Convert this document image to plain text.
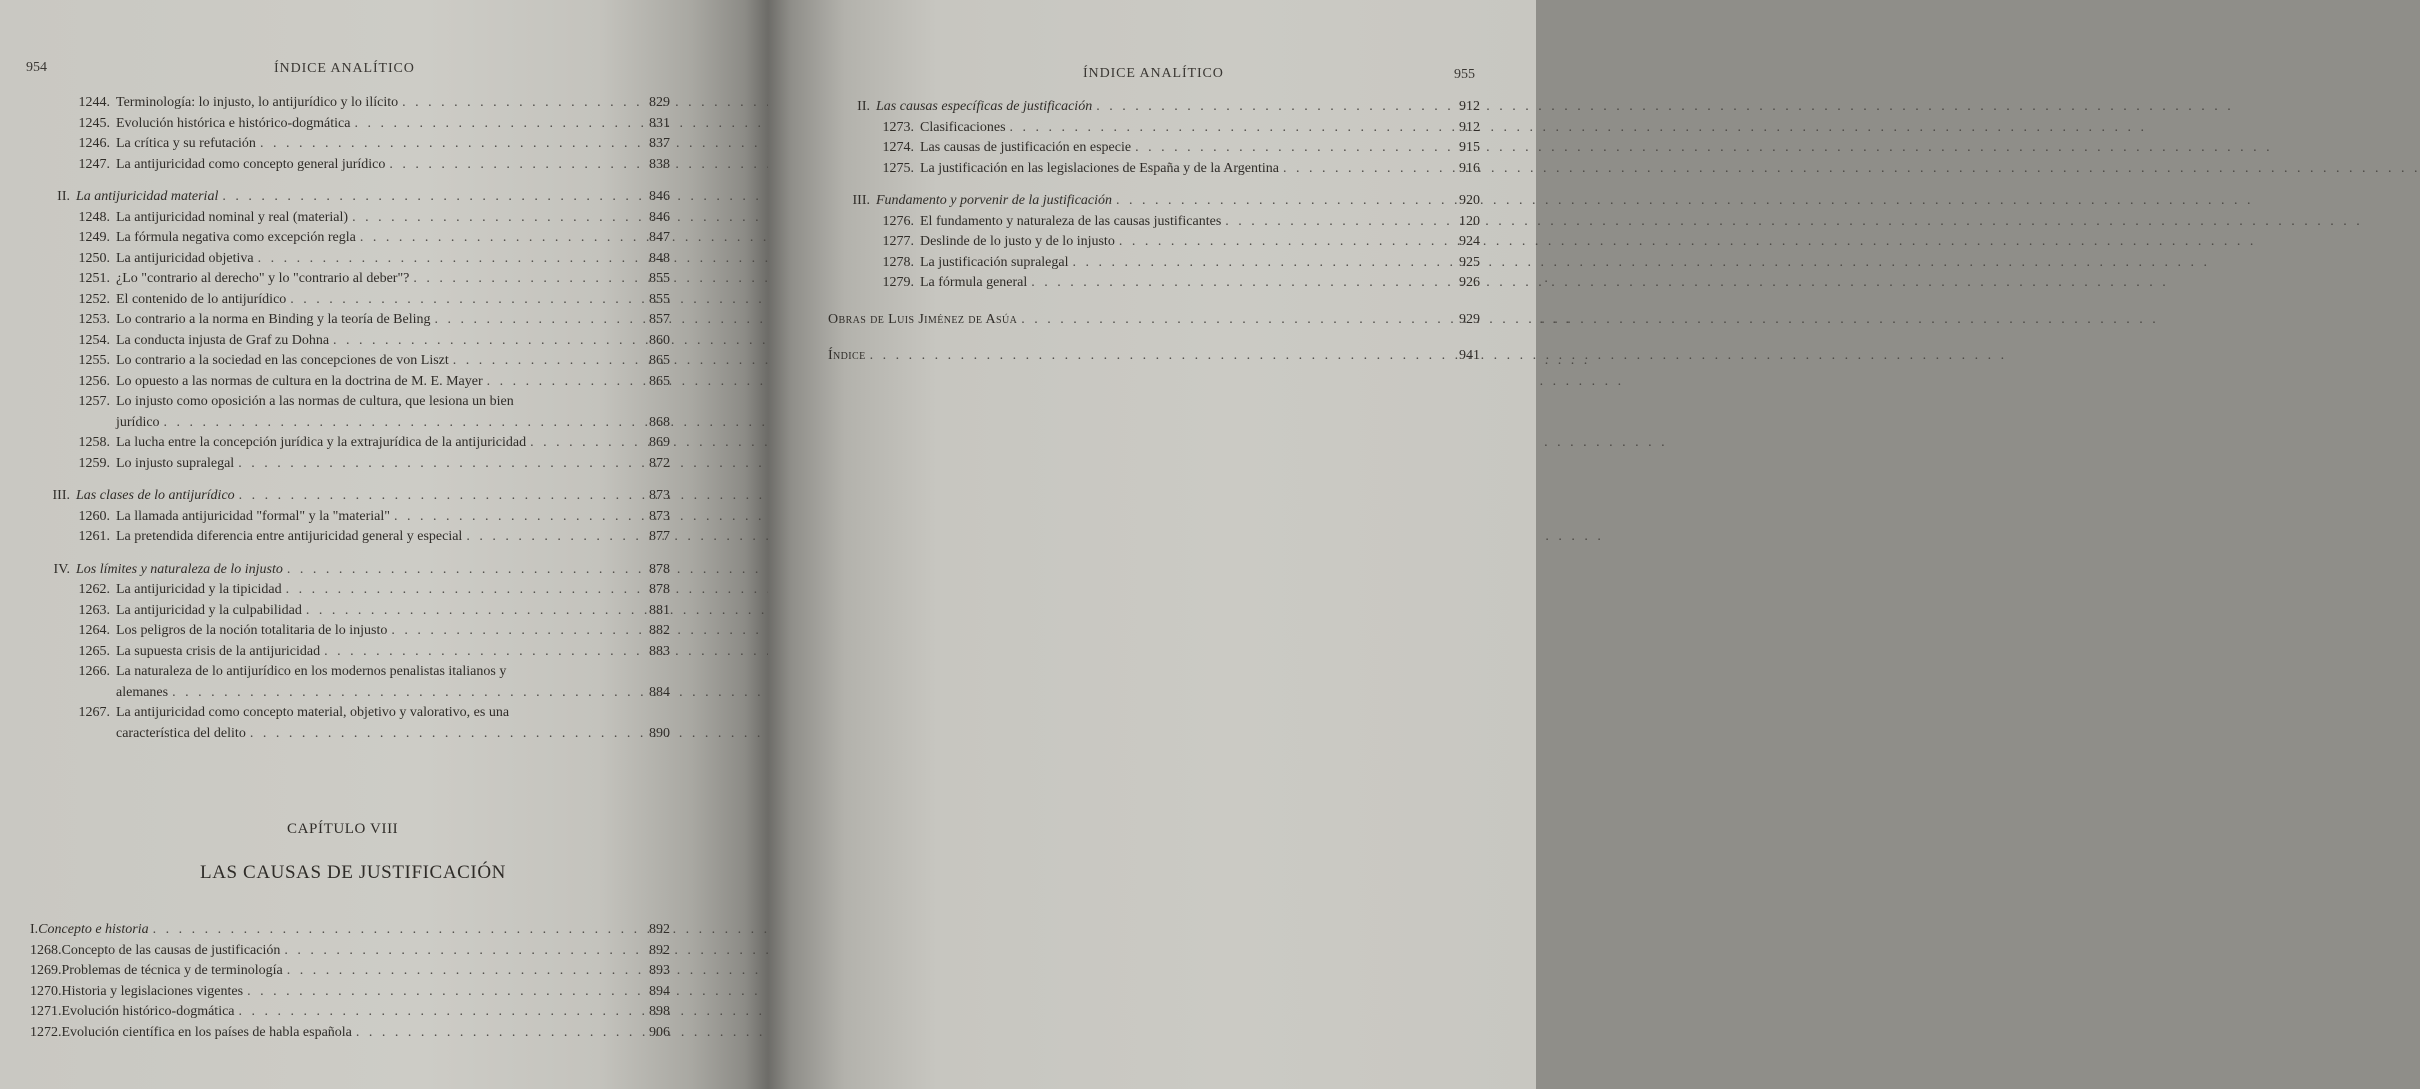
954	ÍNDICE ANALÍTICO
1244. Terminología: lo injusto, lo antijurídico y lo ilícito . . .	829
1245. Evolución histórica e histórico-dogmática . . .	831
1246. La crítica y su refutación . . .	837
1247. La antijuricidad como concepto general jurídico . . .	838
II. La antijuricidad material . . .	846
1248. La antijuricidad nominal y real (material) . . .	846
1249. La fórmula negativa como excepción regla . . .	847
1250. La antijuricidad objetiva . . .	848
1251. ¿Lo "contrario al derecho" y lo "contrario al deber"? . . .	855
1252. El contenido de lo antijurídico . . .	855
1253. Lo contrario a la norma en Binding y la teoría de Beling . . .	857
1254. La conducta injusta de Graf zu Dohna . . .	860
1255. Lo contrario a la sociedad en las concepciones de von Liszt . . .	865
1256. Lo opuesto a las normas de cultura en la doctrina de M. E. Mayer . . .	865
1257. Lo injusto como oposición a las normas de cultura, que lesiona un bien
jurídico . . .	868
1258. La lucha entre la concepción jurídica y la extrajurídica de la antijuricidad . . .	869
1259. Lo injusto supralegal . . .	872
III. Las clases de lo antijurídico . . .	873
1260. La llamada antijuricidad "formal" y la "material" . . .	873
1261. La pretendida diferencia entre antijuricidad general y especial . . .	877
IV. Los límites y naturaleza de lo injusto . . .	878
1262. La antijuricidad y la tipicidad . . .	878
1263. La antijuricidad y la culpabilidad . . .	881
1264. Los peligros de la noción totalitaria de lo injusto . . .	882
1265. La supuesta crisis de la antijuricidad . . .	883
1266. La naturaleza de lo antijurídico en los modernos penalistas italianos y
alemanes . . .	884
1267. La antijuricidad como concepto material, objetivo y valorativo, es una
característica del delito . . .	890
CAPÍTULO VIII
LAS CAUSAS DE JUSTIFICACIÓN
I. Concepto e historia . . .	892
1268. Concepto de las causas de justificación . . .	892
1269. Problemas de técnica y de terminología . . .	893
1270. Historia y legislaciones vigentes . . .	894
1271. Evolución histórico-dogmática . . .	898
1272. Evolución científica en los países de habla española . . .	906
ÍNDICE ANALÍTICO	955
II. Las causas específicas de justificación . . .	912
1273. Clasificaciones . . .	912
1274. Las causas de justificación en especie . . .	915
1275. La justificación en las legislaciones de España y de la Argentina . . .	916
III. Fundamento y porvenir de la justificación . . .	920
1276. El fundamento y naturaleza de las causas justificantes . . .	120
1277. Deslinde de lo justo y de lo injusto . . .	924
1278. La justificación supralegal . . .	925
1279. La fórmula general . . .	926
Obras de Luis Jiménez de Asúa . . .	929
Índice . . .	941
